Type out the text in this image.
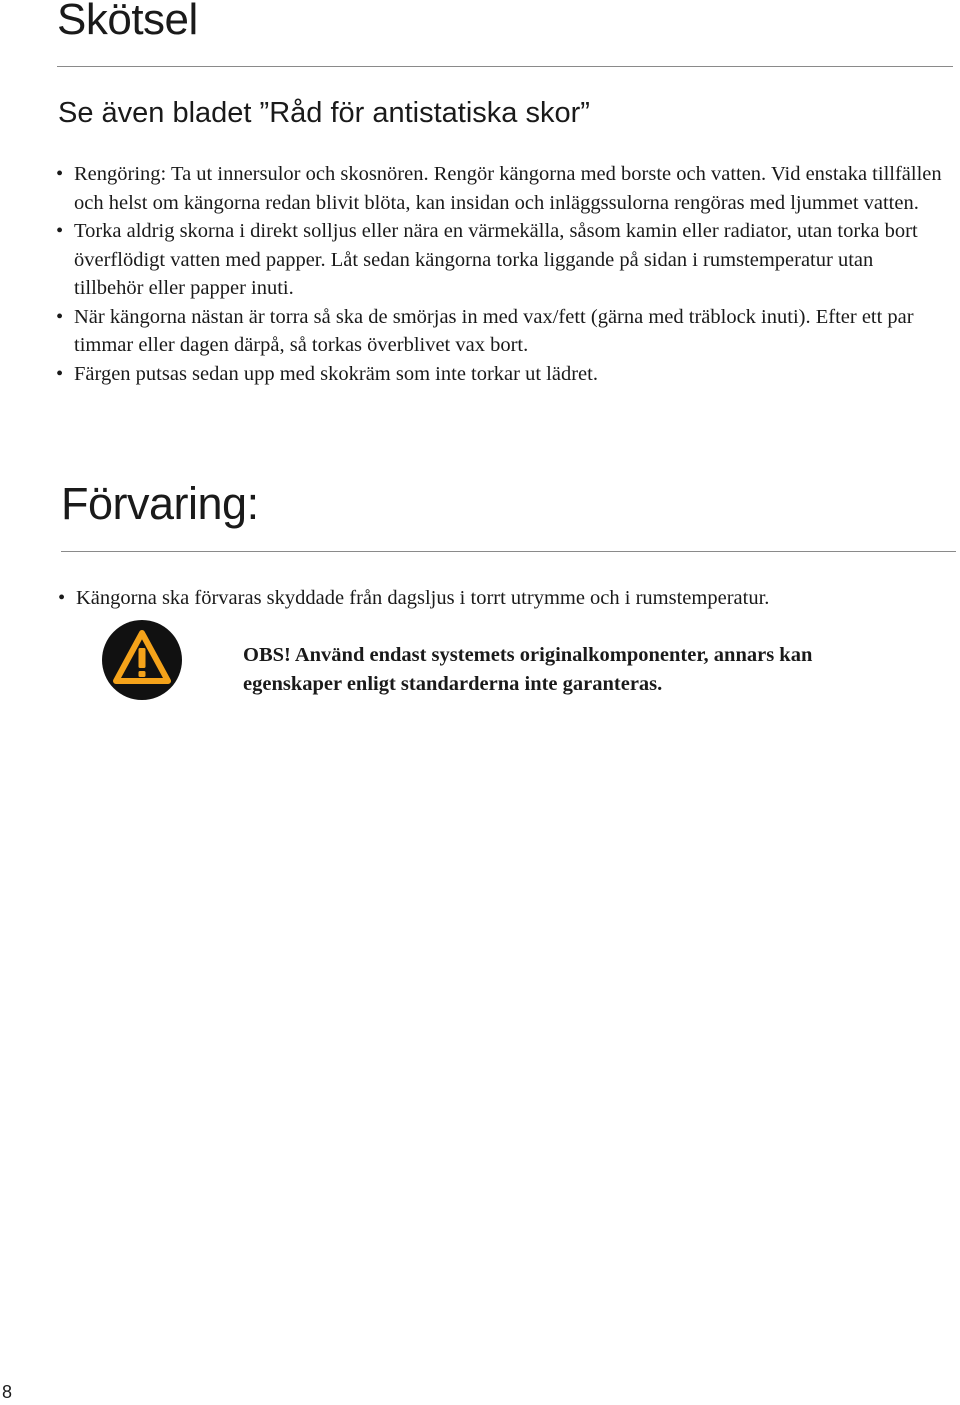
Skötsel
Se även bladet ”Råd för antistatiska skor”
• Rengöring: Ta ut innersulor och skosnören. Rengör kängorna med borste och vatten. Vid enstaka tillfällen och helst om kängorna redan blivit blöta, kan insidan och inläggssulorna rengöras med ljummet vatten.
• Torka aldrig skorna i direkt solljus eller nära en värmekälla, såsom kamin eller radiator, utan torka bort överflödigt vatten med papper. Låt sedan kängorna torka liggande på sidan i rumstemperatur utan tillbehör eller papper inuti.
• När kängorna nästan är torra så ska de smörjas in med vax/fett (gärna med träblock inuti). Efter ett par timmar eller dagen därpå, så torkas överblivet vax bort.
• Färgen putsas sedan upp med skokräm som inte torkar ut lädret.
Förvaring:
• Kängorna ska förvaras skyddade från dagsljus i torrt utrymme och i rumstemperatur.

OBS! Använd endast systemets originalkomponenter, annars kan egenskaper enligt standarderna inte garanteras.

8
